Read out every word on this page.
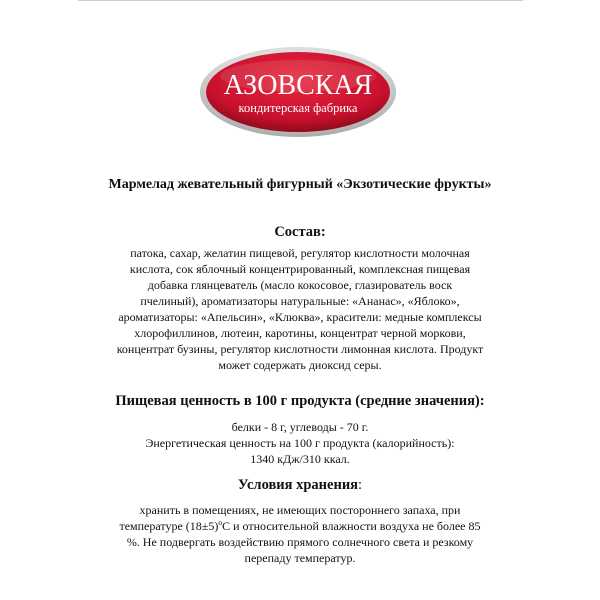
АЗОВСКАЯ
кондитерская фабрика
Мармелад жевательный фигурный «Экзотические фрукты»
Состав:
патока, сахар, желатин пищевой, регулятор кислотности молочная
кислота, сок яблочный концентрированный, комплексная пищевая
добавка глянцеватель (масло кокосовое, глазирователь воск
пчелиный), ароматизаторы натуральные: «Ананас», «Яблоко»,
ароматизаторы: «Апельсин», «Клюква», красители: медные комплексы
хлорофиллинов, лютеин, каротины, концентрат черной моркови,
концентрат бузины, регулятор кислотности лимонная кислота. Продукт
может содержать диоксид серы.
Пищевая ценность в 100 г продукта (средние значения):
белки - 8 г, углеводы - 70 г.
Энергетическая ценность на 100 г продукта (калорийность):
1340 кДж/310 ккал.
Условия хранения:
хранить в помещениях, не имеющих постороннего запаха, при
температуре (18±5)ºС и относительной влажности воздуха не более 85
%. Не подвергать воздействию прямого солнечного света и резкому
перепаду температур.
